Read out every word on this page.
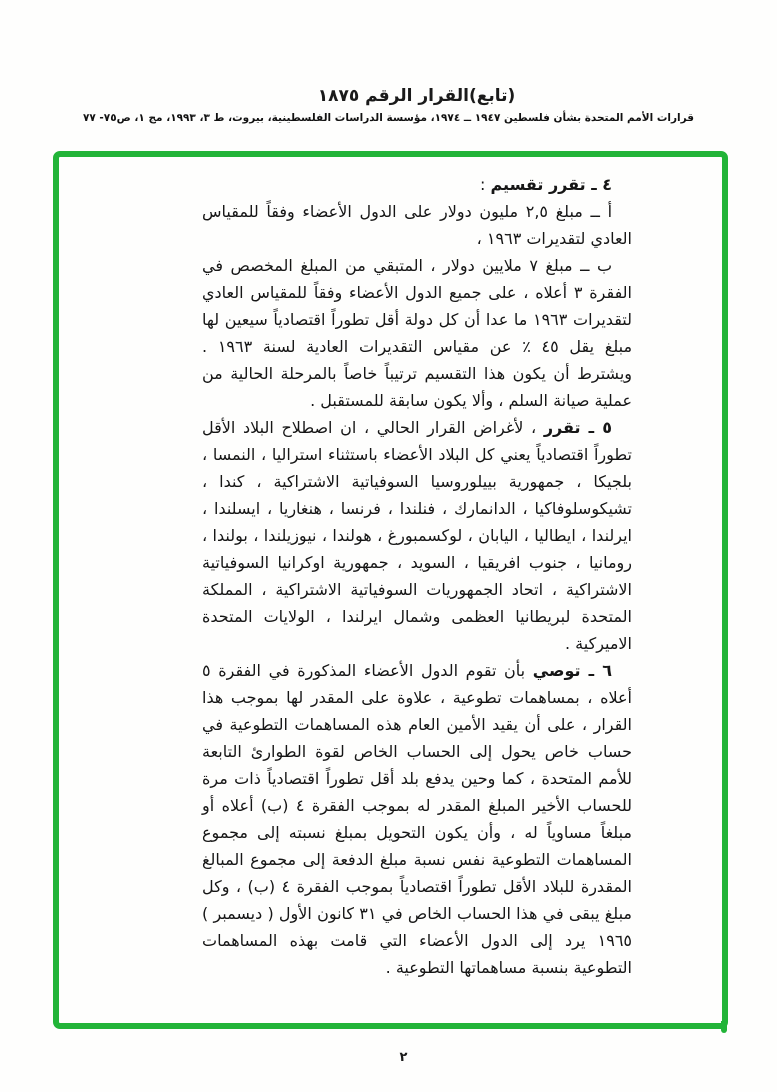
(تابع)القرار الرقم ١٨٧٥
قرارات الأمم المتحدة بشأن فلسطين ١٩٤٧ ــ ١٩٧٤، مؤسسة الدراسات الفلسطينية، بيروت، ط ٣، ١٩٩٣، مج ١، ص٧٥- ٧٧

٤ ـ تقرر تقسيم :

أ ــ مبلغ ٢,٥ مليون دولار على الدول الأعضاء وفقاً للمقياس العادي لتقديرات ١٩٦٣ ،

ب ــ مبلغ ٧ ملايين دولار ، المتبقي من المبلغ المخصص في الفقرة ٣ أعلاه ، على جميع الدول الأعضاء وفقاً للمقياس العادي لتقديرات ١٩٦٣ ما عدا أن كل دولة أقل تطوراً اقتصادياً سيعين لها مبلغ يقل ٤٥ ٪ عن مقياس التقديرات العادية لسنة ١٩٦٣ . ويشترط أن يكون هذا التقسيم ترتيباً خاصاً بالمرحلة الحالية من عملية صيانة السلم ، وألا يكون سابقة للمستقبل .

٥ ـ تقرر ، لأغراض القرار الحالي ، ان اصطلاح البلاد الأقل تطوراً اقتصادياً يعني كل البلاد الأعضاء باستثناء استراليا ، النمسا ، بلجيكا ، جمهورية بييلوروسيا السوفياتية الاشتراكية ، كندا ، تشيكوسلوفاكيا ، الدانمارك ، فنلندا ، فرنسا ، هنغاريا ، ايسلندا ، ايرلندا ، ايطاليا ، اليابان ، لوكسمبورغ ، هولندا ، نيوزيلندا ، بولندا ، رومانيا ، جنوب افريقيا ، السويد ، جمهورية اوكرانيا السوفياتية الاشتراكية ، اتحاد الجمهوريات السوفياتية الاشتراكية ، المملكة المتحدة لبريطانيا العظمى وشمال ايرلندا ، الولايات المتحدة الاميركية .

٦ ـ توصي بأن تقوم الدول الأعضاء المذكورة في الفقرة ٥ أعلاه ، بمساهمات تطوعية ، علاوة على المقدر لها بموجب هذا القرار ، على أن يقيد الأمين العام هذه المساهمات التطوعية في حساب خاص يحول إلى الحساب الخاص لقوة الطوارئ التابعة للأمم المتحدة ، كما وحين يدفع بلد أقل تطوراً اقتصادياً ذات مرة للحساب الأخير المبلغ المقدر له بموجب الفقرة ٤ (ب) أعلاه أو مبلغاً مساوياً له ، وأن يكون التحويل بمبلغ نسبته إلى مجموع المساهمات التطوعية نفس نسبة مبلغ الدفعة إلى مجموع المبالغ المقدرة للبلاد الأقل تطوراً اقتصادياً بموجب الفقرة ٤ (ب) ، وكل مبلغ يبقى في هذا الحساب الخاص في ٣١ كانون الأول ( ديسمبر ) ١٩٦٥ يرد إلى الدول الأعضاء التي قامت بهذه المساهمات التطوعية بنسبة مساهماتها التطوعية .

٢
